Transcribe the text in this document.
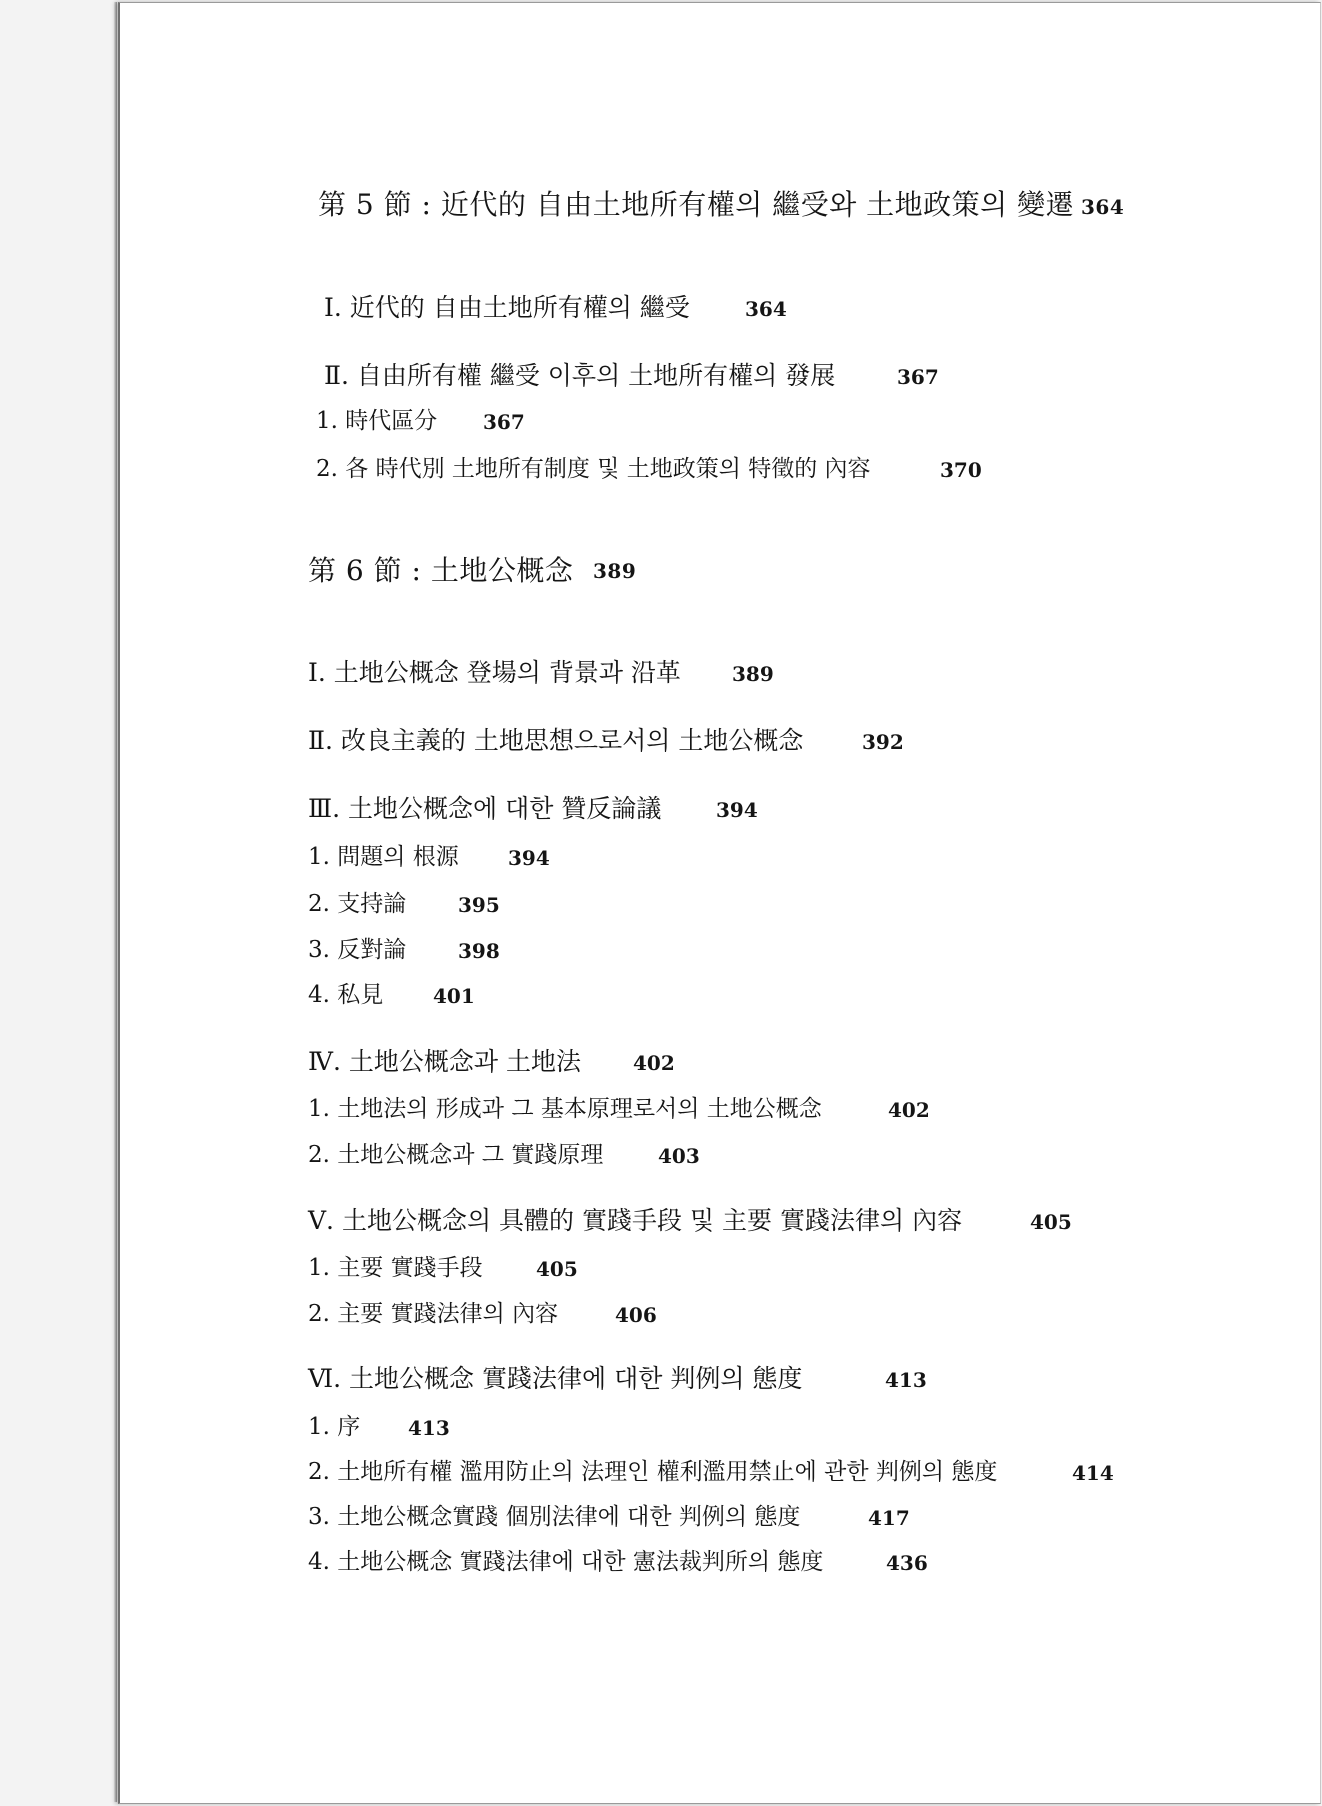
第 5 節 : 近代的 自由土地所有權의 繼受와 土地政策의 變遷 364
Ⅰ. 近代的 自由土地所有權의 繼受	364
Ⅱ. 自由所有權 繼受 이후의 土地所有權의 發展	367
1. 時代區分 367
2. 各 時代別 土地所有制度 및 土地政策의 特徵的 內容	370
第 6 節 : 土地公概念 389
Ⅰ. 土地公概念 登場의 背景과 沿革	389
Ⅱ. 改良主義的 土地思想으로서의 土地公概念	392
Ⅲ. 土地公概念에 대한 贊反論議	394
1. 問題의 根源 394
2. 支持論	395
3. 反對論	398
4. 私見 401
Ⅳ. 土地公概念과 土地法	402
1. 土地法의 形成과 그 基本原理로서의 土地公概念	402
2. 土地公概念과 그 實踐原理	403
Ⅴ. 土地公概念의 具體的 實踐手段 및 主要 實踐法律의 內容	405
1. 主要 實踐手段	405
2. 主要 實踐法律의 內容	406
Ⅵ. 土地公概念 實踐法律에 대한 判例의 態度	413
1. 序 413
2. 土地所有權 濫用防止의 法理인 權利濫用禁止에 관한 判例의 態度	414
3. 土地公概念實踐 個別法律에 대한 判例의 態度	417
4. 土地公概念 實踐法律에 대한 憲法裁判所의 態度	436
